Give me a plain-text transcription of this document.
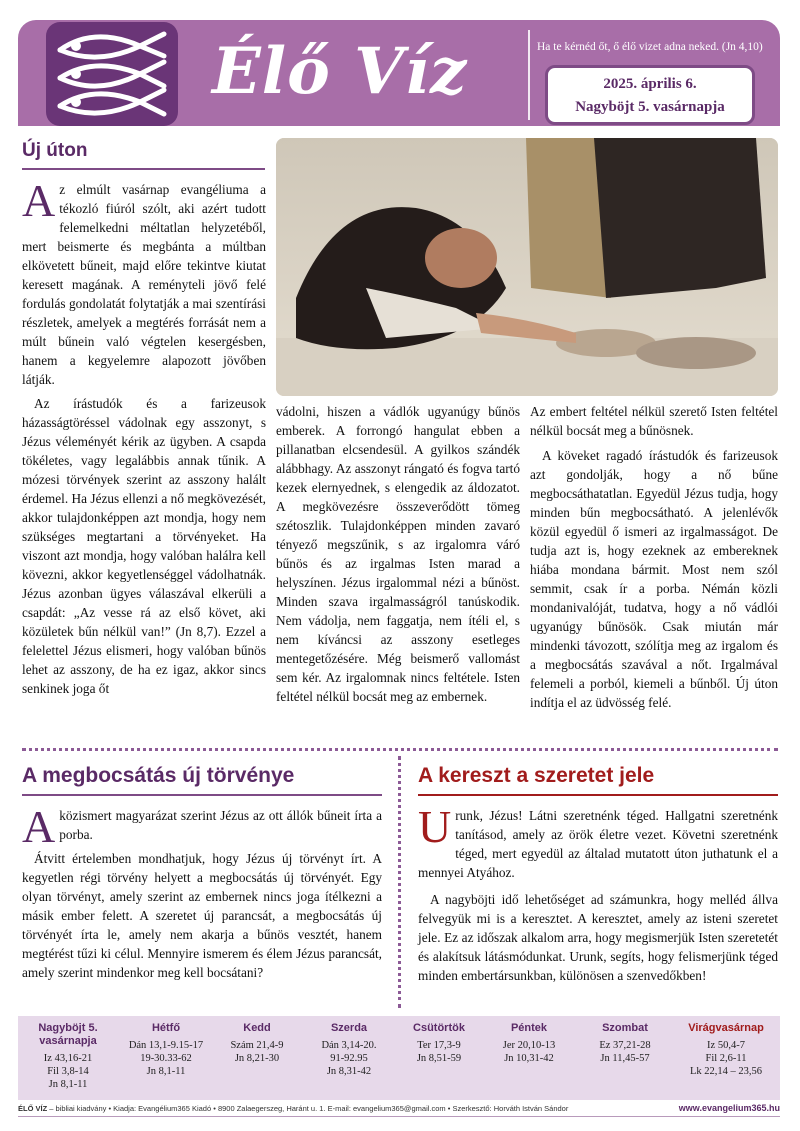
Élő Víz	Ha te kérnéd őt, ő élő vizet adna neked. (Jn 4,10)
2025. április 6.
Nagyböjt 5. vasárnapja
Új úton

Az elmúlt vasárnap evangéliuma a tékozló fiúról szólt, aki azért tudott felemelkedni méltatlan helyzetéből, mert beismerte és megbánta a múltban elkövetett bűneit, majd előre tekintve kiutat keresett magának. A reményteli jövő felé fordulás gondolatát folytatják a mai szentírási részletek, amelyek a megtérés forrását nem a múlt bűnein való végtelen kesergésben, hanem a kegyelemre alapozott jövőben látják.

Az írástudók és a farizeusok házasságtöréssel vádolnak egy asszonyt, s Jézus véleményét kérik az ügyben. A csapda tökéletes, vagy legalábbis annak tűnik. A mózesi törvények szerint az asszony halált érdemel. Ha Jézus ellenzi a nő megkövezését, akkor tulajdonképpen azt mondja, hogy nem szükséges megtartani a törvényeket. Ha viszont azt mondja, hogy valóban halálra kell kövezni, akkor kegyetlenséggel vádolhatnák. Jézus azonban ügyes válaszával elkerüli a csapdát: „Az vesse rá az első követ, aki közületek bűn nélkül van!” (Jn 8,7). Ezzel a felelettel Jézus elismeri, hogy valóban bűnös lehet az asszony, de ha ez igaz, akkor sincs senkinek joga őt

vádolni, hiszen a vádlók ugyanúgy bűnös emberek. A forrongó hangulat ebben a pillanatban elcsendesül. A gyilkos szándék alábbhagy. Az asszonyt rángató és fogva tartó kezek elernyednek, s elengedik az áldozatot. A megkövezésre összeverődött tömeg szétoszlik. Tulajdonképpen minden zavaró tényező megszűnik, s az irgalomra váró bűnös és az irgalmas Isten marad a helyszínen. Jézus irgalommal nézi a bűnöst. Minden szava irgalmasságról tanúskodik. Nem vádolja, nem faggatja, nem ítéli el, s nem kíváncsi az asszony esetleges mentegetőzésére. Még beismerő vallomást sem kér. Az irgalomnak nincs feltétele. Isten feltétel nélkül bocsát meg az embernek.

Az embert feltétel nélkül szerető Isten feltétel nélkül bocsát meg a bűnösnek.

A köveket ragadó írástudók és farizeusok azt gondolják, hogy a nő bűne megbocsáthatatlan. Egyedül Jézus tudja, hogy minden bűn megbocsátható. A jelenlévők közül egyedül ő ismeri az irgalmasságot. De tudja azt is, hogy ezeknek az embereknek hiába mondana bármit. Most nem szól semmit, csak ír a porba. Némán közli mondanivalóját, tudatva, hogy a nő vádlói ugyanúgy bűnösök. Csak miután már mindenki távozott, szólítja meg az irgalom és a megbocsátás szavával a nőt. Irgalmával felemeli a porból, kiemeli a bűnből. Új úton indítja el az üdvösség felé.

A megbocsátás új törvénye

A közismert magyarázat szerint Jézus az ott állók bűneit írta a porba.

Átvitt értelemben mondhatjuk, hogy Jézus új törvényt írt. A kegyetlen régi törvény helyett a megbocsátás új törvényét. Egy olyan törvényt, amely szerint az embernek nincs joga ítélkezni a másik ember felett. A szeretet új parancsát, a megbocsátás új törvényét írta le, amely nem akarja a bűnös vesztét, hanem megtérést tűzi ki célul. Mennyire ismerem és élem Jézus parancsát, amely szerint mindenkor meg kell bocsátani?

A kereszt a szeretet jele

Urunk, Jézus! Látni szeretnénk téged. Hallgatni szeretnénk tanításod, amely az örök életre vezet. Követni szeretnénk téged, mert egyedül az általad mutatott úton juthatunk el a mennyei Atyához.

A nagyböjti idő lehetőséget ad számunkra, hogy melléd állva felvegyük mi is a keresztet. A keresztet, amely az isteni szeretet jele. Ez az időszak alkalom arra, hogy megismerjük Isten szeretetét és alakítsuk látásmódunkat. Urunk, segíts, hogy felismerjünk téged minden embertársunkban, különösen a szenvedőkben!

Nagyböjt 5. vasárnapja
Iz 43,16-21
Fil 3,8-14
Jn 8,1-11
Hétfő
Dán 13,1-9.15-17
19-30.33-62
Jn 8,1-11
Kedd
Szám 21,4-9
Jn 8,21-30
Szerda
Dán 3,14-20.
91-92.95
Jn 8,31-42
Csütörtök
Ter 17,3-9
Jn 8,51-59
Péntek
Jer 20,10-13
Jn 10,31-42
Szombat
Ez 37,21-28
Jn 11,45-57
Virágvasárnap
Iz 50,4-7
Fil 2,6-11
Lk 22,14 – 23,56
ÉLŐ VÍZ – bibliai kiadvány • Kiadja: Evangélium365 Kiadó • 8900 Zalaegerszeg, Haránt u. 1. E-mail: evangelium365@gmail.com • Szerkesztő: Horváth István Sándor	www.evangelium365.hu
